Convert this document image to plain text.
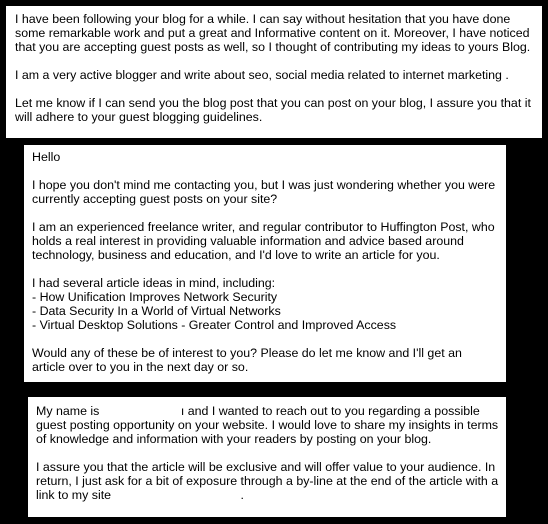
I have been following your blog for a while. I can say without hesitation that you have done some remarkable work and put a great and Informative content on it. Moreover, I have noticed that you are accepting guest posts as well, so I thought of contributing my ideas to yours Blog.

I am a very active blogger and write about seo, social media related to internet marketing .

Let me know if I can send you the blog post that you can post on your blog, I assure you that it will adhere to your guest blogging guidelines.

Hello

I hope you don't mind me contacting you, but I was just wondering whether you were currently accepting guest posts on your site?

I am an experienced freelance writer, and regular contributor to Huffington Post, who holds a real interest in providing valuable information and advice based around technology, business and education, and I'd love to write an article for you.

I had several article ideas in mind, including:

- How Unification Improves Network Security
- Data Security In a World of Virtual Networks
- Virtual Desktop Solutions - Greater Control and Improved Access

Would any of these be of interest to you? Please do let me know and I'll get an article over to you in the next day or so.

My name is	ı and I wanted to reach out to you regarding a possible guest posting opportunity on your website. I would love to share my insights in terms of knowledge and information with your readers by posting on your blog.

I assure you that the article will be exclusive and will offer value to your audience. In return, I just ask for a bit of exposure through a by-line at the end of the article with a link to my site	.
